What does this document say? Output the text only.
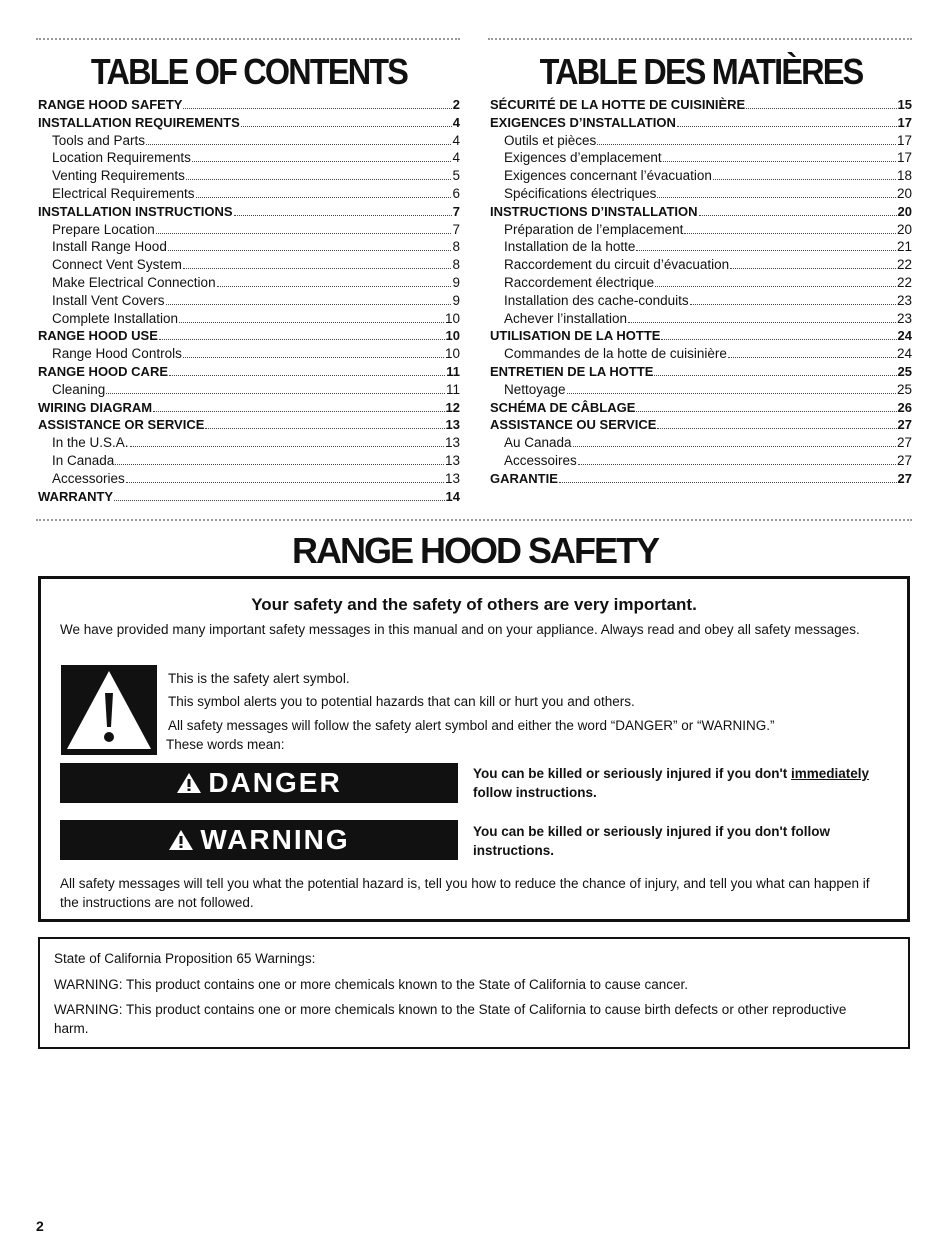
TABLE OF CONTENTS
RANGE HOOD SAFETY	2
INSTALLATION REQUIREMENTS	4
Tools and Parts	4
Location Requirements	4
Venting Requirements	5
Electrical Requirements	6
INSTALLATION INSTRUCTIONS	7
Prepare Location	7
Install Range Hood	8
Connect Vent System	8
Make Electrical Connection	9
Install Vent Covers	9
Complete Installation	10
RANGE HOOD USE	10
Range Hood Controls	10
RANGE HOOD CARE	11
Cleaning	11
WIRING DIAGRAM	12
ASSISTANCE OR SERVICE	13
In the U.S.A.	13
In Canada	13
Accessories	13
WARRANTY	14
TABLE DES MATIÈRES
SÉCURITÉ DE LA HOTTE DE CUISINIÈRE	15
EXIGENCES D’INSTALLATION	17
Outils et pièces	17
Exigences d’emplacement	17
Exigences concernant l’évacuation	18
Spécifications électriques	20
INSTRUCTIONS D’INSTALLATION	20
Préparation de l’emplacement	20
Installation de la hotte	21
Raccordement du circuit d’évacuation	22
Raccordement électrique	22
Installation des cache-conduits	23
Achever l’installation	23
UTILISATION DE LA HOTTE	24
Commandes de la hotte de cuisinière	24
ENTRETIEN DE LA HOTTE	25
Nettoyage	25
SCHÉMA DE CÂBLAGE	26
ASSISTANCE OU SERVICE	27
Au Canada	27
Accessoires	27
GARANTIE	27
RANGE HOOD SAFETY
Your safety and the safety of others are very important.

We have provided many important safety messages in this manual and on your appliance. Always read and obey all safety messages.

This is the safety alert symbol.

This symbol alerts you to potential hazards that can kill or hurt you and others.

All safety messages will follow the safety alert symbol and either the word “DANGER” or “WARNING.”

These words mean:

DANGER	You can be killed or seriously injured if you don't immediately
follow instructions.

WARNING	You can be killed or seriously injured if you don't follow instructions.

All safety messages will tell you what the potential hazard is, tell you how to reduce the chance of injury, and tell you what can happen if the instructions are not followed.

State of California Proposition 65 Warnings:

WARNING: This product contains one or more chemicals known to the State of California to cause cancer.

WARNING: This product contains one or more chemicals known to the State of California to cause birth defects or other reproductive harm.

2
